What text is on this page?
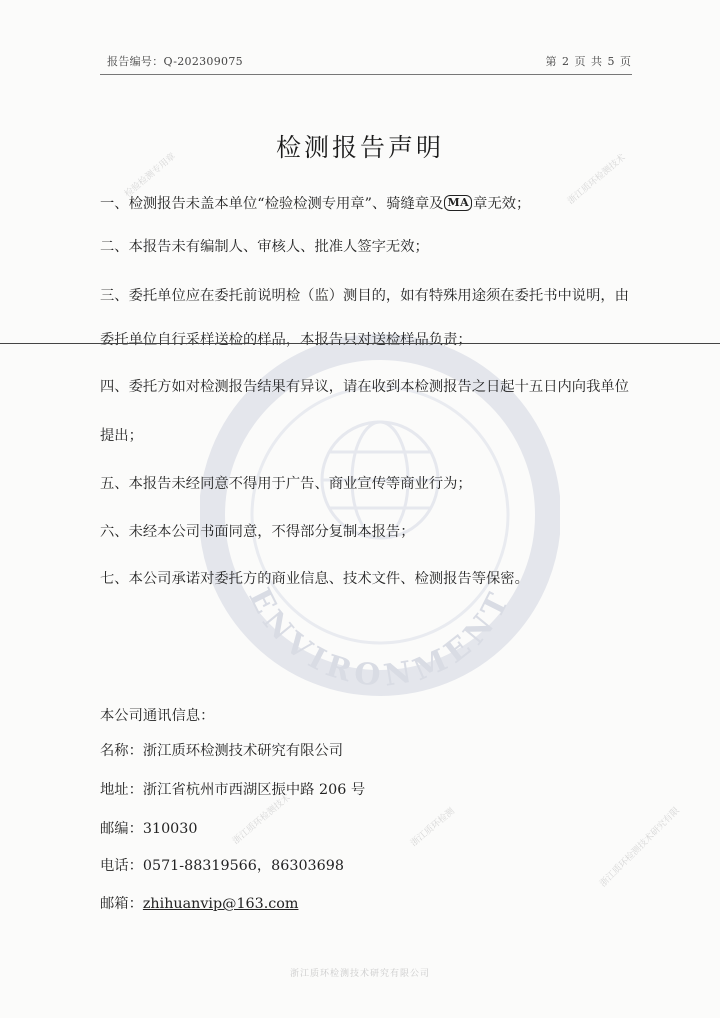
ENVIRONMENT
检验检测专用章	浙江质环检测技术
浙江质环检测技术	浙江质环检测	浙江质环检测技术研究有限
报告编号：Q-202309075	第 2 页 共 5 页
检测报告声明
一、检测报告未盖本单位“检验检测专用章”、骑缝章及 MA 章无效；
二、本报告未有编制人、审核人、批准人签字无效；
三、委托单位应在委托前说明检（监）测目的，如有特殊用途须在委托书中说明，由
委托单位自行采样送检的样品，本报告只对送检样品负责；
四、委托方如对检测报告结果有异议，请在收到本检测报告之日起十五日内向我单位
提出；
五、本报告未经同意不得用于广告、商业宣传等商业行为；
六、未经本公司书面同意，不得部分复制本报告；
七、本公司承诺对委托方的商业信息、技术文件、检测报告等保密。
本公司通讯信息：
名称：浙江质环检测技术研究有限公司
地址：浙江省杭州市西湖区振中路 206 号
邮编：310030
电话：0571-88319566，86303698
邮箱：zhihuanvip@163.com
浙江质环检测技术研究有限公司
